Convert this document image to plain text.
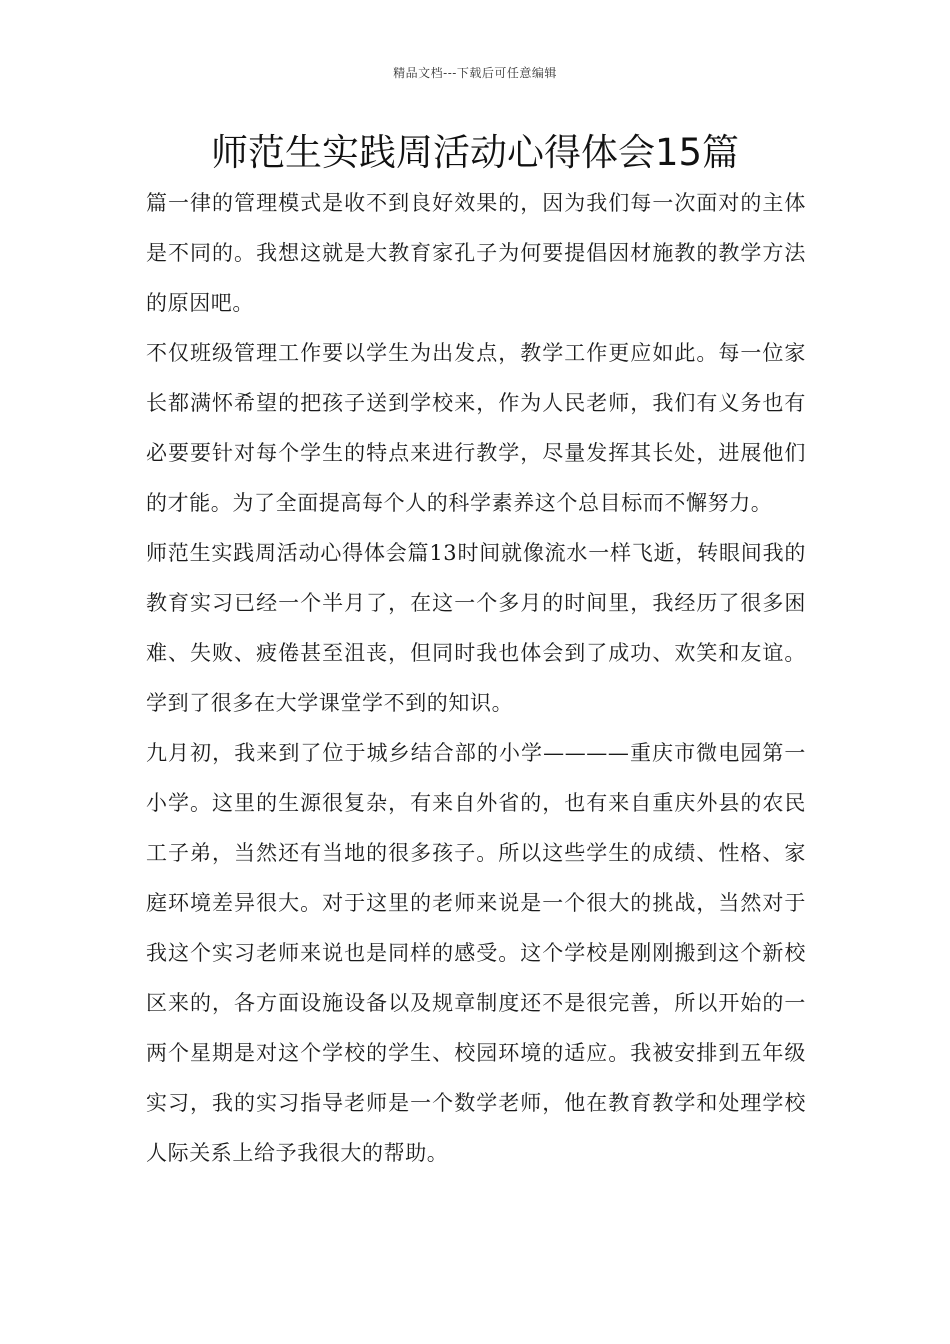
精品文档---下载后可任意编辑
师范生实践周活动心得体会15篇

篇一律的管理模式是收不到良好效果的，因为我们每一次面对的主体是不同的。我想这就是大教育家孔子为何要提倡因材施教的教学方法的原因吧。

不仅班级管理工作要以学生为出发点，教学工作更应如此。每一位家长都满怀希望的把孩子送到学校来，作为人民老师，我们有义务也有必要要针对每个学生的特点来进行教学，尽量发挥其长处，进展他们的才能。为了全面提高每个人的科学素养这个总目标而不懈努力。

师范生实践周活动心得体会篇13时间就像流水一样飞逝，转眼间我的教育实习已经一个半月了，在这一个多月的时间里，我经历了很多困难、失败、疲倦甚至沮丧，但同时我也体会到了成功、欢笑和友谊。学到了很多在大学课堂学不到的知识。

九月初，我来到了位于城乡结合部的小学————重庆市微电园第一小学。这里的生源很复杂，有来自外省的，也有来自重庆外县的农民工子弟，当然还有当地的很多孩子。所以这些学生的成绩、性格、家庭环境差异很大。对于这里的老师来说是一个很大的挑战，当然对于我这个实习老师来说也是同样的感受。这个学校是刚刚搬到这个新校区来的，各方面设施设备以及规章制度还不是很完善，所以开始的一两个星期是对这个学校的学生、校园环境的适应。我被安排到五年级实习，我的实习指导老师是一个数学老师，他在教育教学和处理学校人际关系上给予我很大的帮助。
